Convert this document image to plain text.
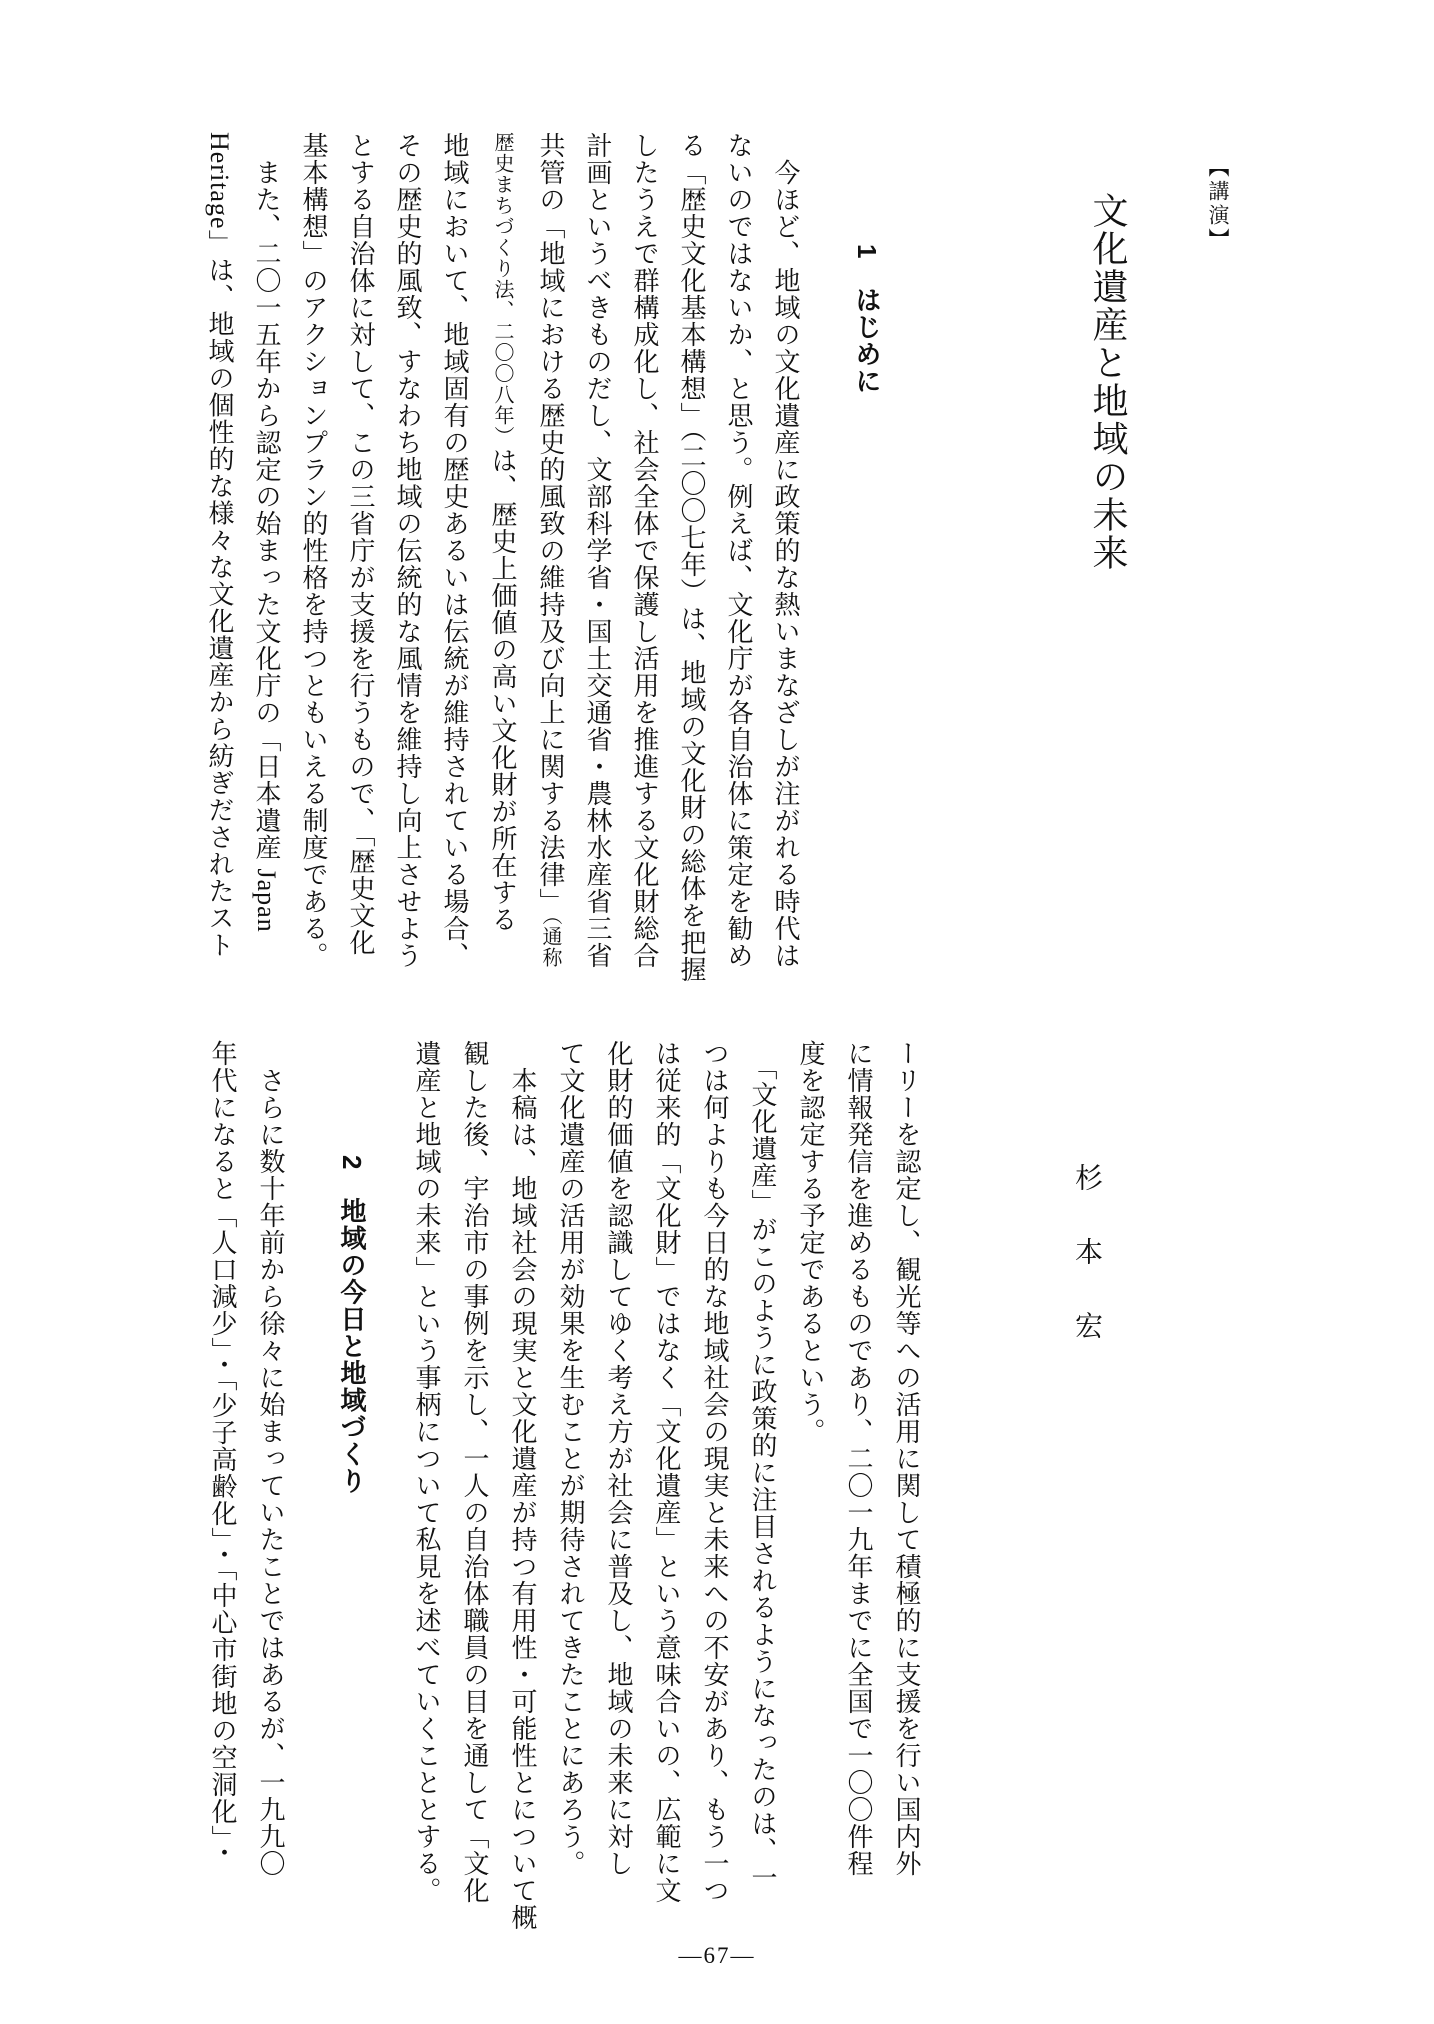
【講演】
文化遺産と地域の未来
杉　本　宏
1　はじめに
　今ほど、地域の文化遺産に政策的な熱いまなざしが注がれる時代は
ないのではないか、と思う。例えば、文化庁が各自治体に策定を勧め
る「歴史文化基本構想」（二〇〇七年）は、地域の文化財の総体を把握
したうえで群構成化し、社会全体で保護し活用を推進する文化財総合
計画というべきものだし、文部科学省・国土交通省・農林水産省三省
共管の「地域における歴史的風致の維持及び向上に関する法律」（通称
歴史まちづくり法、二〇〇八年）は、歴史上価値の高い文化財が所在する
地域において、地域固有の歴史あるいは伝統が維持されている場合、
その歴史的風致、すなわち地域の伝統的な風情を維持し向上させよう
とする自治体に対して、この三省庁が支援を行うもので、「歴史文化
基本構想」のアクションプラン的性格を持つともいえる制度である。
　また、二〇一五年から認定の始まった文化庁の「日本遺産 Japan
Heritage」は、地域の個性的な様々な文化遺産から紡ぎだされたスト
ーリーを認定し、観光等への活用に関して積極的に支援を行い国内外
に情報発信を進めるものであり、二〇一九年までに全国で一〇〇件程
度を認定する予定であるという。
　「文化遺産」がこのように政策的に注目されるようになったのは、一
つは何よりも今日的な地域社会の現実と未来への不安があり、もう一つ
は従来的「文化財」ではなく「文化遺産」という意味合いの、広範に文
化財的価値を認識してゆく考え方が社会に普及し、地域の未来に対し
て文化遺産の活用が効果を生むことが期待されてきたことにあろう。
　本稿は、地域社会の現実と文化遺産が持つ有用性・可能性とについて概
観した後、宇治市の事例を示し、一人の自治体職員の目を通して「文化
遺産と地域の未来」という事柄について私見を述べていくこととする。
2　地域の今日と地域づくり
　さらに数十年前から徐々に始まっていたことではあるが、一九九〇
年代になると「人口減少」・「少子高齢化」・「中心市街地の空洞化」・
―67―
